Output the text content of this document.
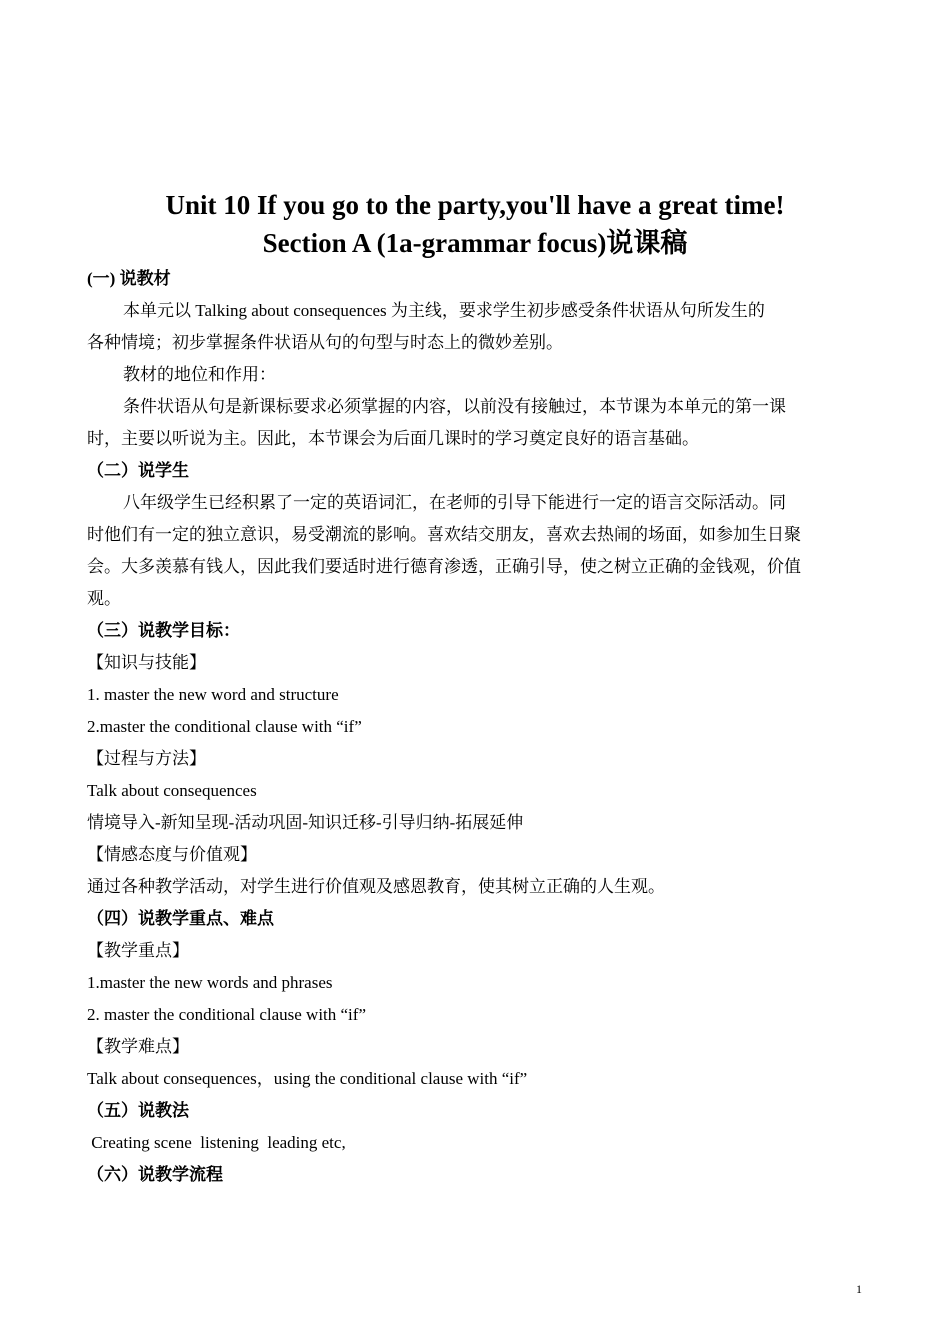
Unit 10 If you go to the party,you'll have a great time!
Section A (1a-grammar focus)说课稿
(一) 说教材
本单元以 Talking about consequences 为主线，要求学生初步感受条件状语从句所发生的
各种情境；初步掌握条件状语从句的句型与时态上的微妙差别。
教材的地位和作用：
条件状语从句是新课标要求必须掌握的内容，以前没有接触过，本节课为本单元的第一课
时，主要以听说为主。因此，本节课会为后面几课时的学习奠定良好的语言基础。
（二）说学生
八年级学生已经积累了一定的英语词汇，在老师的引导下能进行一定的语言交际活动。同
时他们有一定的独立意识，易受潮流的影响。喜欢结交朋友，喜欢去热闹的场面，如参加生日聚
会。大多羡慕有钱人，因此我们要适时进行德育渗透，正确引导，使之树立正确的金钱观，价值
观。
（三）说教学目标：
【知识与技能】
1. master the new word and structure
2.master the conditional clause with “if”
【过程与方法】
Talk about consequences
情境导入-新知呈现-活动巩固-知识迁移-引导归纳-拓展延伸
【情感态度与价值观】
通过各种教学活动，对学生进行价值观及感恩教育，使其树立正确的人生观。
（四）说教学重点、难点
【教学重点】
1.master the new words and phrases
2. master the conditional clause with “if”
【教学难点】
Talk about consequences，using the conditional clause with “if”
（五）说教法
Creating scene  listening  leading etc,
（六）说教学流程
1
